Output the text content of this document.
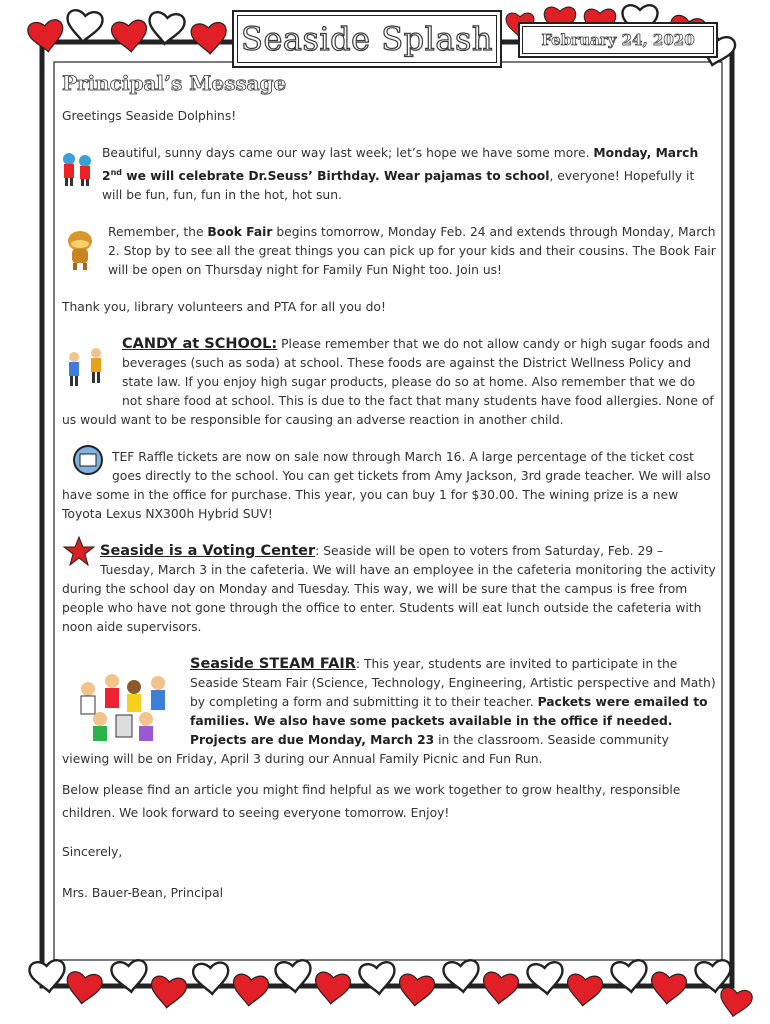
Seaside Splash	February 24, 2020
Principal’s Message

Greetings Seaside Dolphins!

Beautiful, sunny days came our way last week; let’s hope we have some more. Monday, March 2nd we will celebrate Dr.Seuss’ Birthday. Wear pajamas to school, everyone! Hopefully it will be fun, fun, fun in the hot, hot sun.
Remember, the Book Fair begins tomorrow, Monday Feb. 24 and extends through Monday, March 2. Stop by to see all the great things you can pick up for your kids and their cousins. The Book Fair will be open on Thursday night for Family Fun Night too. Join us!

Thank you, library volunteers and PTA for all you do!

CANDY at SCHOOL: Please remember that we do not allow candy or high sugar foods and beverages (such as soda) at school. These foods are against the District Wellness Policy and state law. If you enjoy high sugar products, please do so at home. Also remember that we do not share food at school. This is due to the fact that many students have food allergies. None of us would want to be responsible for causing an adverse reaction in another child.
TEF Raffle tickets are now on sale now through March 16. A large percentage of the ticket cost goes directly to the school. You can get tickets from Amy Jackson, 3rd grade teacher. We will also have some in the office for purchase. This year, you can buy 1 for $30.00. The wining prize is a new Toyota Lexus NX300h Hybrid SUV!
Seaside is a Voting Center: Seaside will be open to voters from Saturday, Feb. 29 – Tuesday, March 3 in the cafeteria. We will have an employee in the cafeteria monitoring the activity during the school day on Monday and Tuesday. This way, we will be sure that the campus is free from people who have not gone through the office to enter. Students will eat lunch outside the cafeteria with noon aide supervisors.
Seaside STEAM FAIR: This year, students are invited to participate in the Seaside Steam Fair (Science, Technology, Engineering, Artistic perspective and Math) by completing a form and submitting it to their teacher. Packets were emailed to families. We also have some packets available in the office if needed. Projects are due Monday, March 23 in the classroom. Seaside community viewing will be on Friday, April 3 during our Annual Family Picnic and Fun Run.

Below please find an article you might find helpful as we work together to grow healthy, responsible children. We look forward to seeing everyone tomorrow. Enjoy!

Sincerely,

Mrs. Bauer-Bean, Principal
